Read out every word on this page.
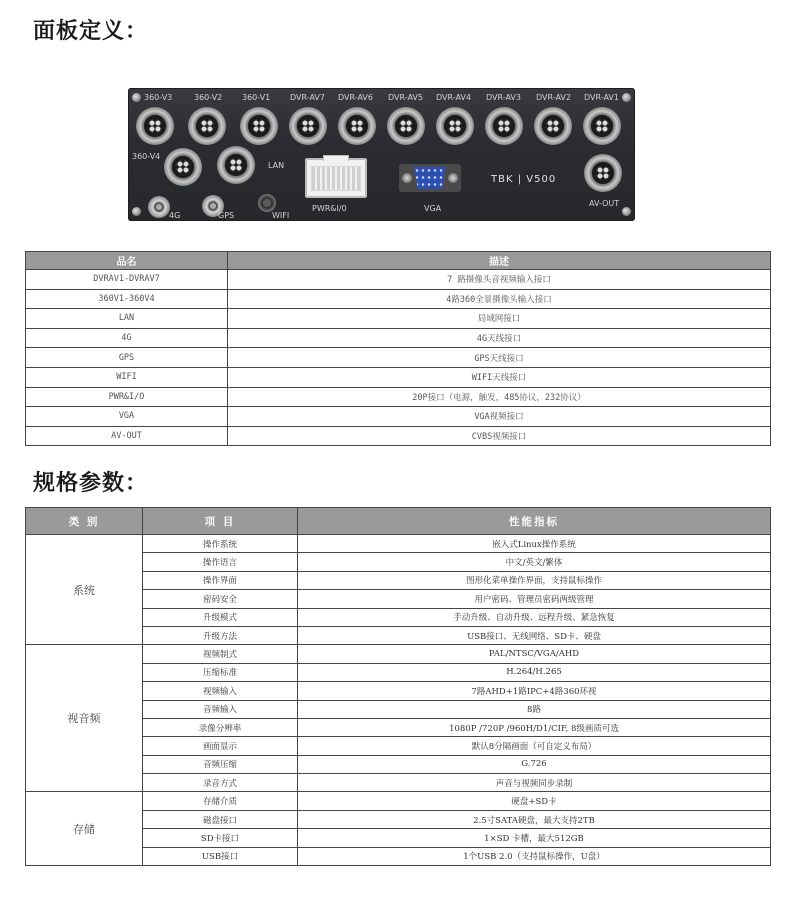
面板定义：
360-V3	360-V2 360-V1 DVR-AV7 DVR-AV6 DVR-AV5 DVR-AV4 DVR-AV3 DVR-AV2 DVR-AV1
360-V4
LAN
4G	GPS	WIFI
PWR&I/0	VGA
TBK | V500
AV-OUT
品名	描述
DVRAV1-DVRAV7	7 路摄像头音视频输入接口
360V1-360V4	4路360全景摄像头输入接口
LAN	局域网接口
4G	4G天线接口
GPS	GPS天线接口
WIFI	WIFI天线接口
PWR&I/O	20P接口（电源，触发，485协议，232协议）
VGA	VGA视频接口
AV-OUT	CVBS视频接口
规格参数：
类 别	项 目	性能指标
系统	操作系统	嵌入式Linux操作系统
	操作语言	中文/英文/繁体
	操作界面	图形化菜单操作界面，支持鼠标操作
	密码安全	用户密码、管理员密码两级管理
	升级模式	手动升级、自动升级、远程升级、紧急恢复
	升级方法	USB接口、无线网络、SD卡、硬盘
视音频	视频制式	PAL/NTSC/VGA/AHD
	压缩标准	H.264/H.265
	视频输入	7路AHD+1路IPC+4路360环视
	音频输入	8路
	录像分辨率	1080P /720P /960H/D1/CIF, 8级画质可选
	画面显示	默认8分隔画面（可自定义布局）
	音频压缩	G.726
	录音方式	声音与视频同步录制
存储	存储介质	硬盘+SD卡
	磁盘接口	2.5寸SATA硬盘，最大支持2TB
	SD卡接口	1×SD 卡槽，最大512GB
	USB接口	1个USB 2.0（支持鼠标操作，U盘）
